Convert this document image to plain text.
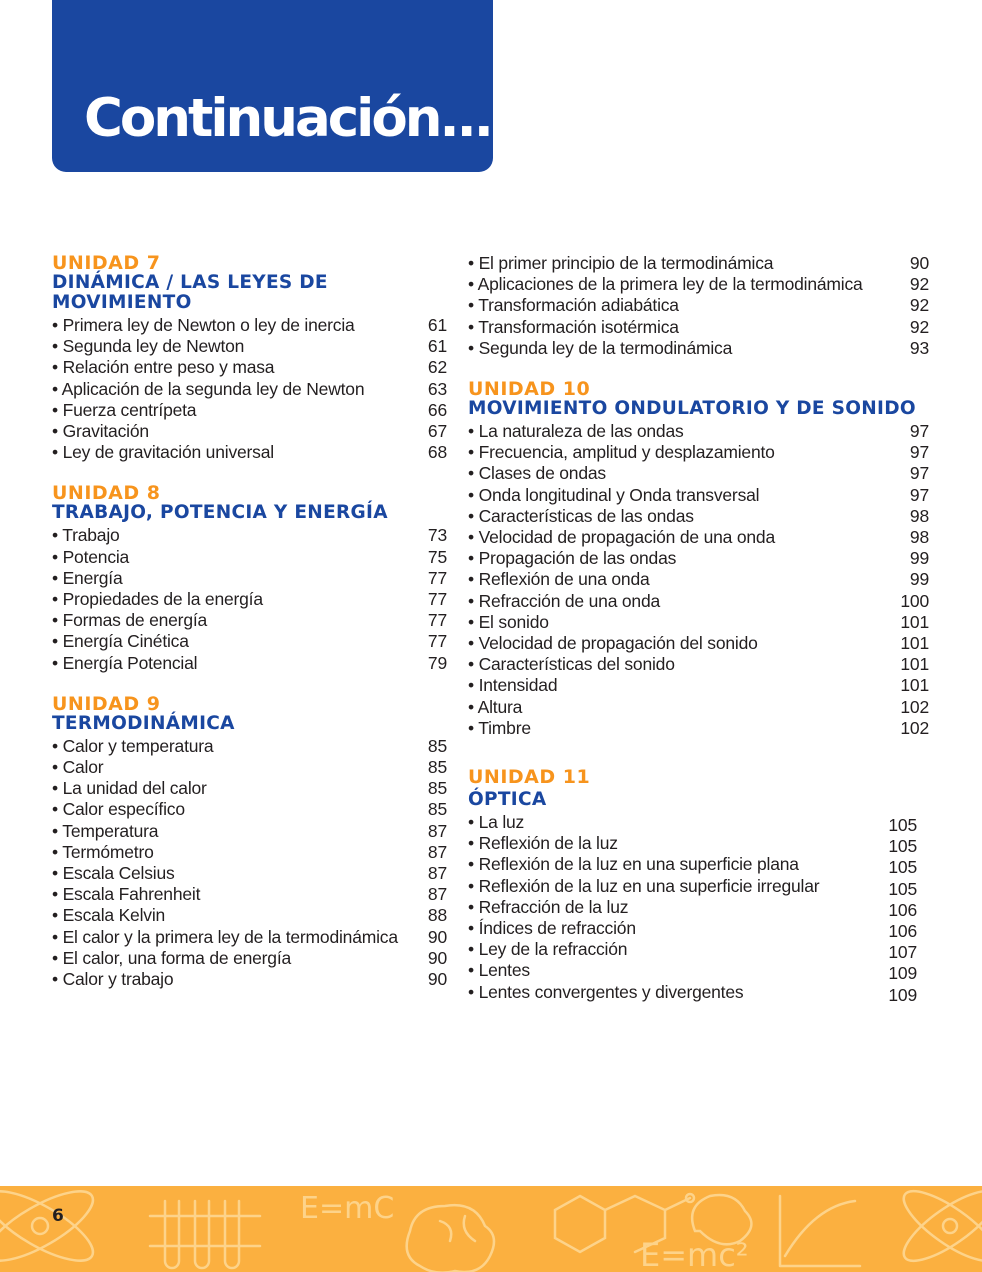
Continuación...
UNIDAD 7
DINÁMICA / LAS LEYES DE MOVIMIENTO
• Primera ley de Newton o ley de inercia	61
• Segunda ley de Newton	61
• Relación entre peso y masa	62
• Aplicación de la segunda ley de Newton	63
• Fuerza centrípeta	66
• Gravitación	67
• Ley de gravitación universal	68
UNIDAD 8
TRABAJO, POTENCIA Y ENERGÍA
• Trabajo	73
• Potencia	75
• Energía	77
• Propiedades de la energía	77
• Formas de energía	77
• Energía Cinética	77
• Energía Potencial	79
UNIDAD 9
TERMODINÁMICA
• Calor y temperatura	85
• Calor	85
• La unidad del calor	85
• Calor específico	85
• Temperatura	87
• Termómetro	87
• Escala Celsius	87
• Escala Fahrenheit	87
• Escala Kelvin	88
• El calor y la primera ley de la termodinámica 90
• El calor, una forma de energía	90
• Calor y trabajo	90
• El primer principio de la termodinámica	90
• Aplicaciones de la primera ley de la termodinámica	92
• Transformación adiabática	92
• Transformación isotérmica	92
• Segunda ley de la termodinámica	93
UNIDAD 10
MOVIMIENTO ONDULATORIO Y DE SONIDO
• La naturaleza de las ondas	97
• Frecuencia, amplitud y desplazamiento	97
• Clases de ondas	97
• Onda longitudinal y Onda transversal	97
• Características de las ondas	98
• Velocidad de propagación de una onda	98
• Propagación de las ondas	99
• Reflexión de una onda	99
• Refracción de una onda	100
• El sonido	101
• Velocidad de propagación del sonido	101
• Características del sonido	101
• Intensidad	101
• Altura	102
• Timbre	102
UNIDAD 11
ÓPTICA
• La luz	105
• Reflexión de la luz	105
• Reflexión de la luz en una superficie plana	105
• Reflexión de la luz en una superficie irregular	105
• Refracción de la luz	106
• Índices de refracción	106
• Ley de la refracción	107
• Lentes	109
• Lentes convergentes y divergentes	109
E=mC
E=mc²
6
